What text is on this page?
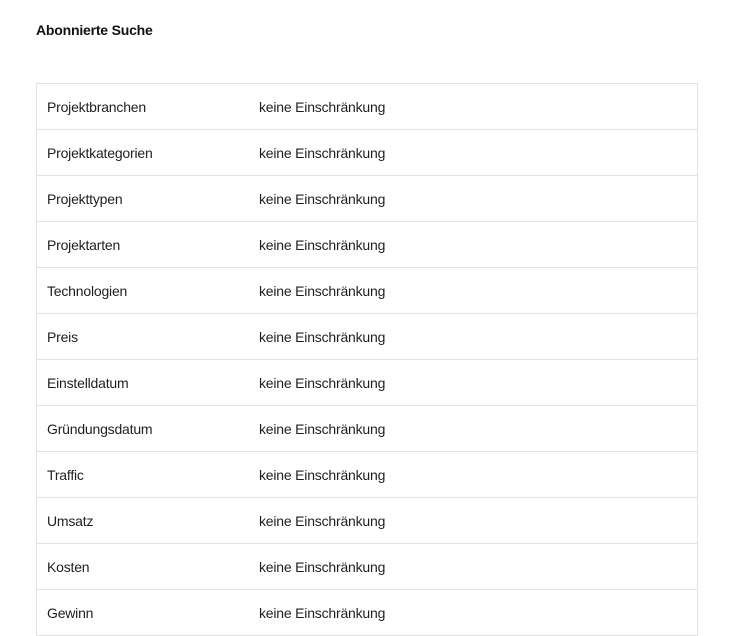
Abonnierte Suche
Projektbranchen	keine Einschränkung
Projektkategorien	keine Einschränkung
Projekttypen	keine Einschränkung
Projektarten	keine Einschränkung
Technologien	keine Einschränkung
Preis	keine Einschränkung
Einstelldatum	keine Einschränkung
Gründungsdatum	keine Einschränkung
Traffic	keine Einschränkung
Umsatz	keine Einschränkung
Kosten	keine Einschränkung
Gewinn	keine Einschränkung
